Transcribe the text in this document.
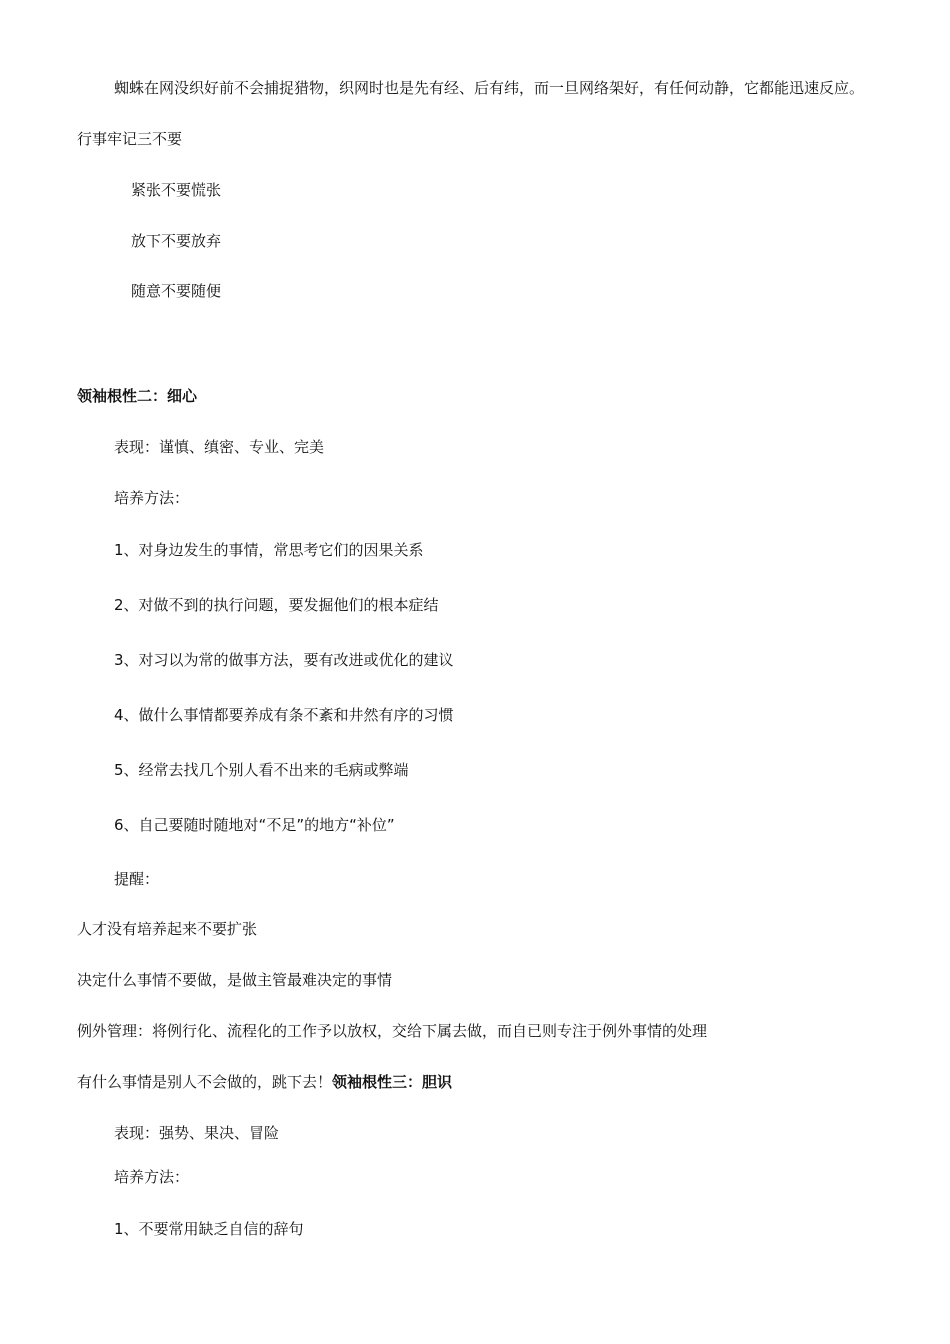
蜘蛛在网没织好前不会捕捉猎物，织网时也是先有经、后有纬，而一旦网络架好，有任何动静，它都能迅速反应。
行事牢记三不要
紧张不要慌张
放下不要放弃
随意不要随便
领袖根性二：细心
表现：谨慎、缜密、专业、完美
培养方法：
1、对身边发生的事情，常思考它们的因果关系
2、对做不到的执行问题，要发掘他们的根本症结
3、对习以为常的做事方法，要有改进或优化的建议
4、做什么事情都要养成有条不紊和井然有序的习惯
5、经常去找几个别人看不出来的毛病或弊端
6、自己要随时随地对“不足”的地方“补位”
提醒：
人才没有培养起来不要扩张
决定什么事情不要做，是做主管最难决定的事情
例外管理：将例行化、流程化的工作予以放权，交给下属去做，而自已则专注于例外事情的处理
有什么事情是别人不会做的，跳下去！领袖根性三：胆识
表现：强势、果决、冒险
培养方法：
1、不要常用缺乏自信的辞句
